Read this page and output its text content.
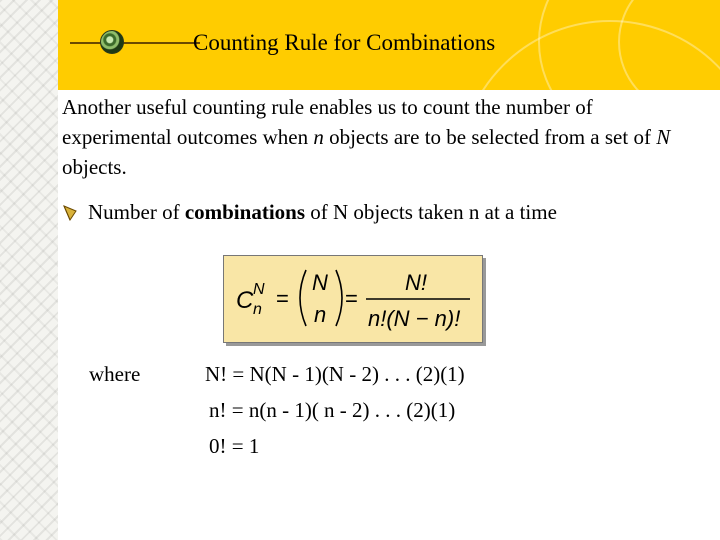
Counting Rule for Combinations
Another useful counting rule enables us to count the number of experimental outcomes when n objects are to be selected from a set of N objects.
Number of combinations of N objects taken n at a time
C N
n =
N
n
=
N!
n!(N − n)!
where	N! = N(N - 1)(N - 2) . . . (2)(1)
n! = n(n - 1)( n - 2) . . . (2)(1)
0! = 1
